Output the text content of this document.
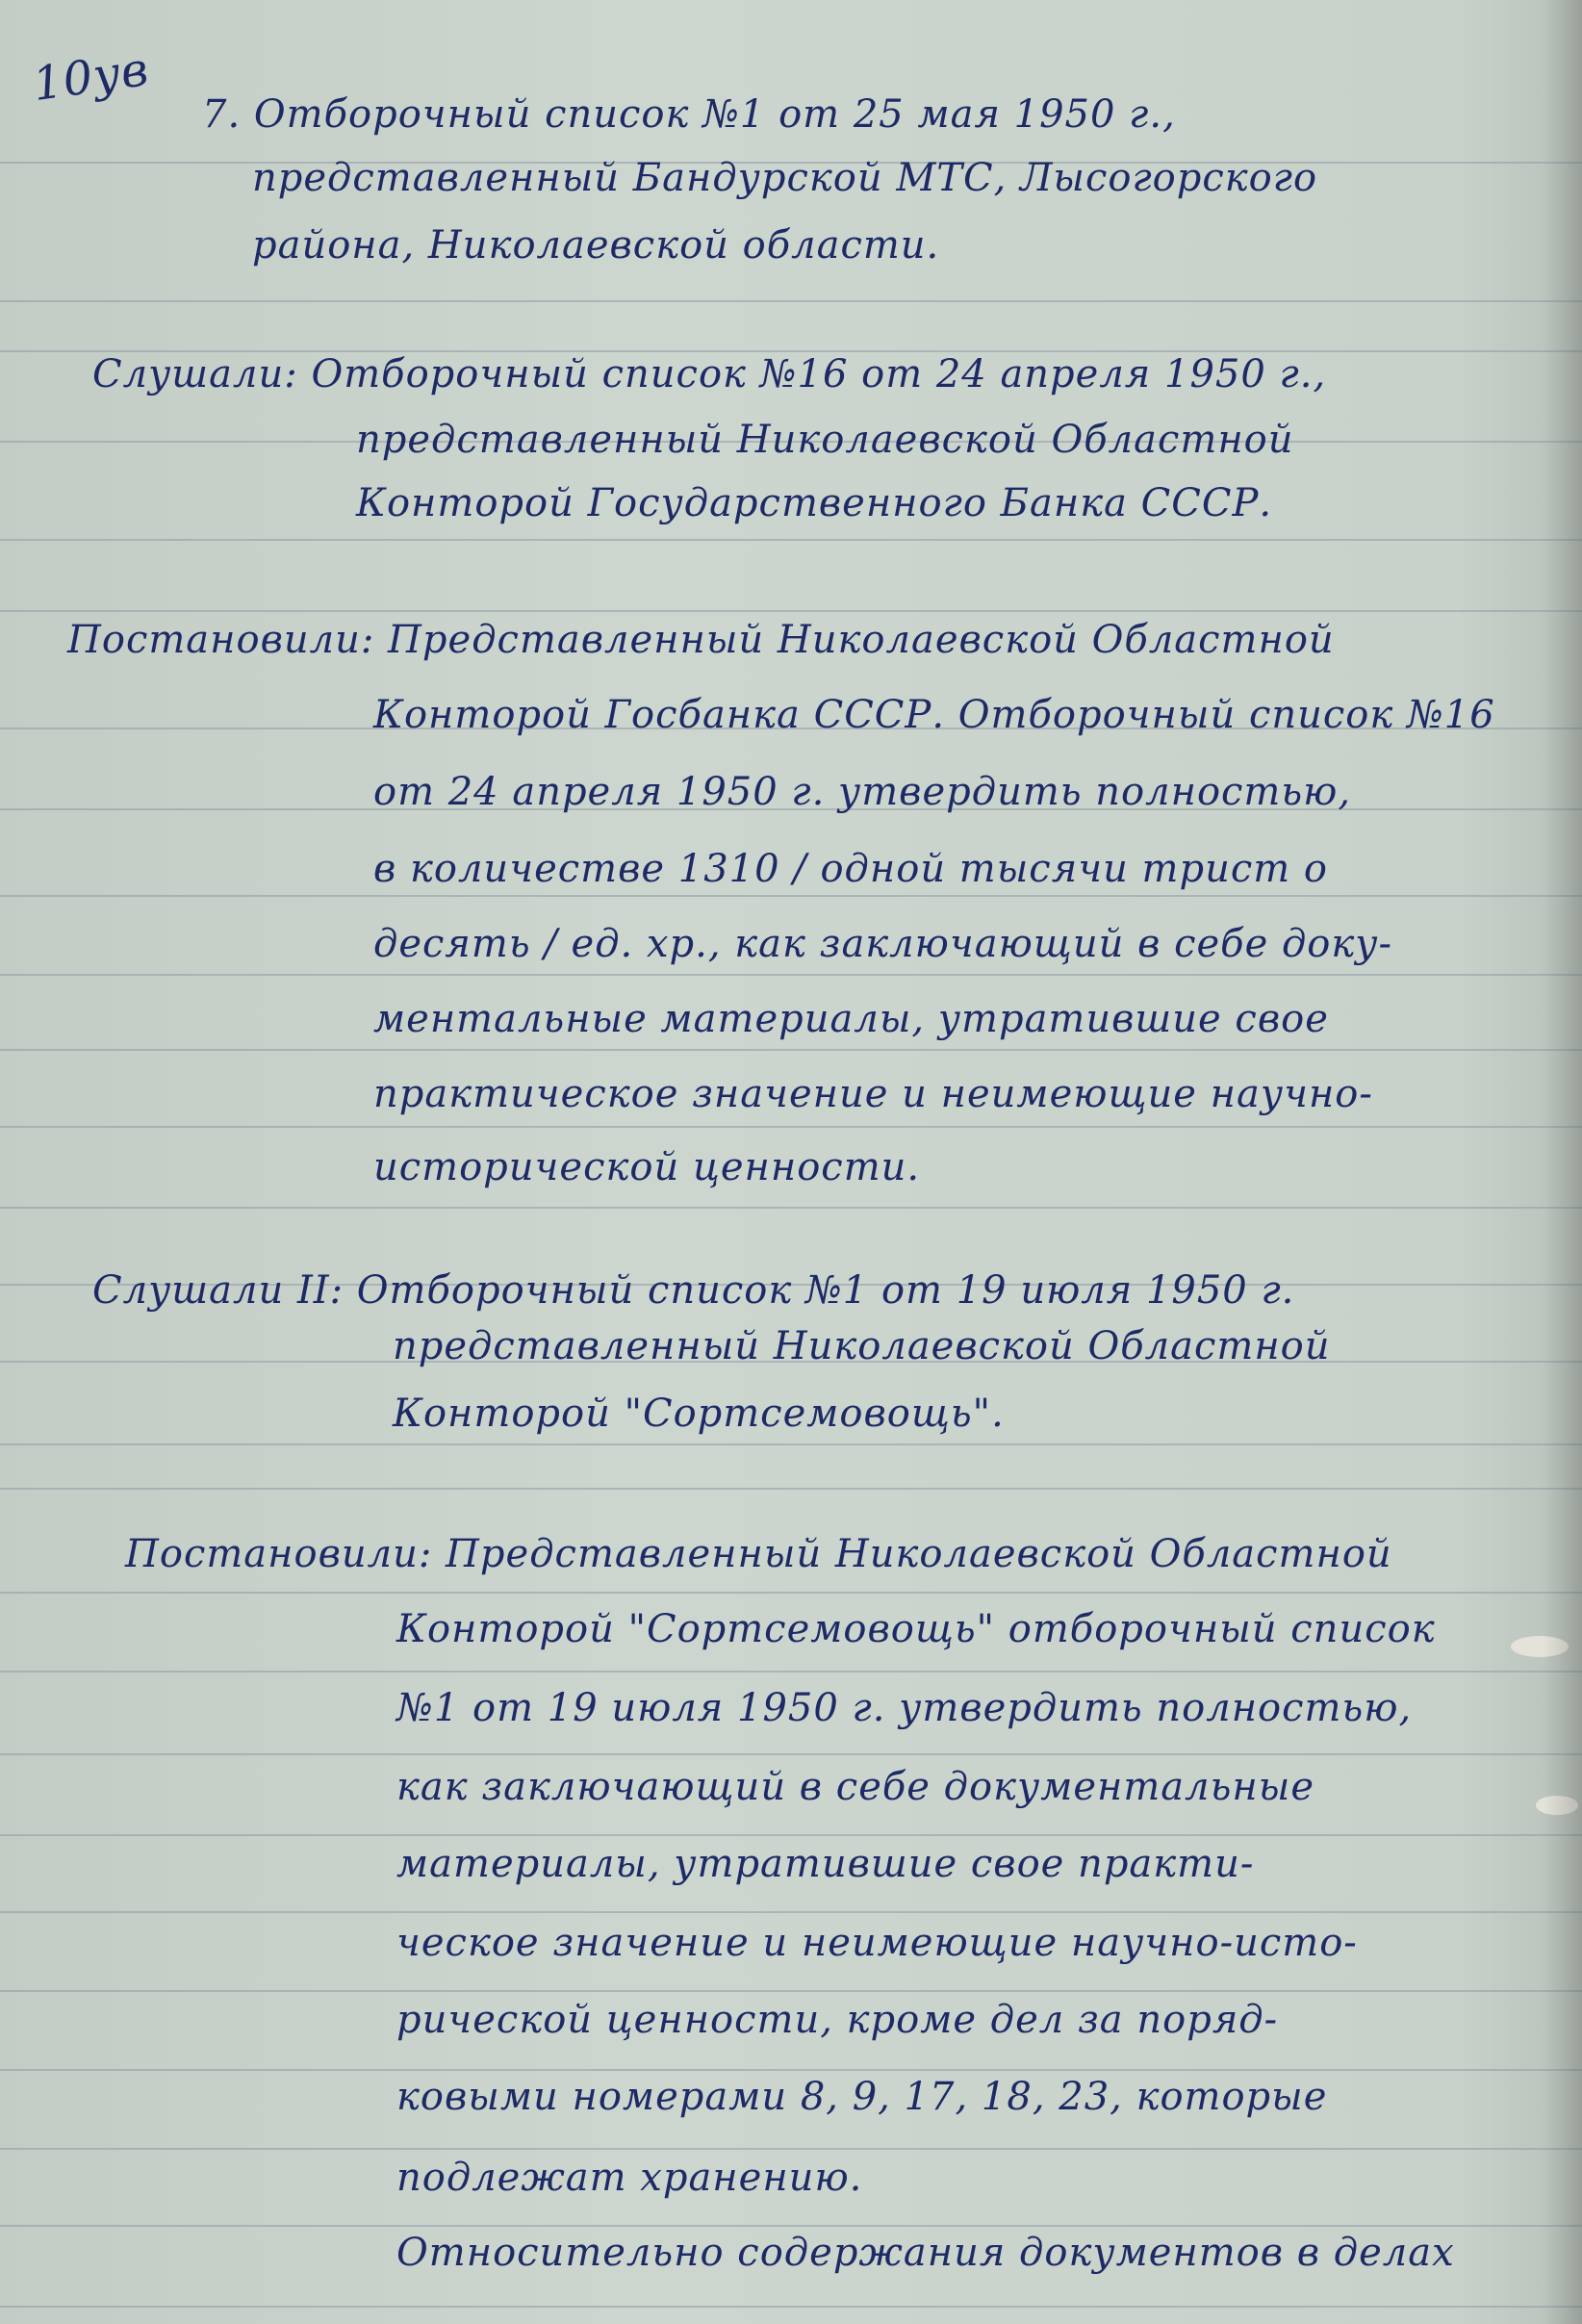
10ув
7. Отборочный список №1 от 25 мая 1950 г.,
представленный Бандурской МТС, Лысогорского
района, Николаевской области.
Слушали: Отборочный список №16 от 24 апреля 1950 г.,
представленный Николаевской Областной
Конторой Государственного Банка СССР.
Постановили: Представленный Николаевской Областной
Конторой Госбанка СССР. Отборочный список №16
от 24 апреля 1950 г. утвердить полностью,
в количестве 1310 / одной тысячи трист о
десять / ед. хр., как заключающий в себе доку-
ментальные материалы, утратившие свое
практическое значение и неимеющие научно-
исторической ценности.
Слушали II: Отборочный список №1 от 19 июля 1950 г.
представленный Николаевской Областной
Конторой "Сортсемовощь".
Постановили: Представленный Николаевской Областной
Конторой "Сортсемовощь" отборочный список
№1 от 19 июля 1950 г. утвердить полностью,
как заключающий в себе документальные
материалы, утратившие свое практи-
ческое значение и неимеющие научно-исто-
рической ценности, кроме дел за поряд-
ковыми номерами 8, 9, 17, 18, 23, которые
подлежат хранению.
Относительно содержания документов в делах
